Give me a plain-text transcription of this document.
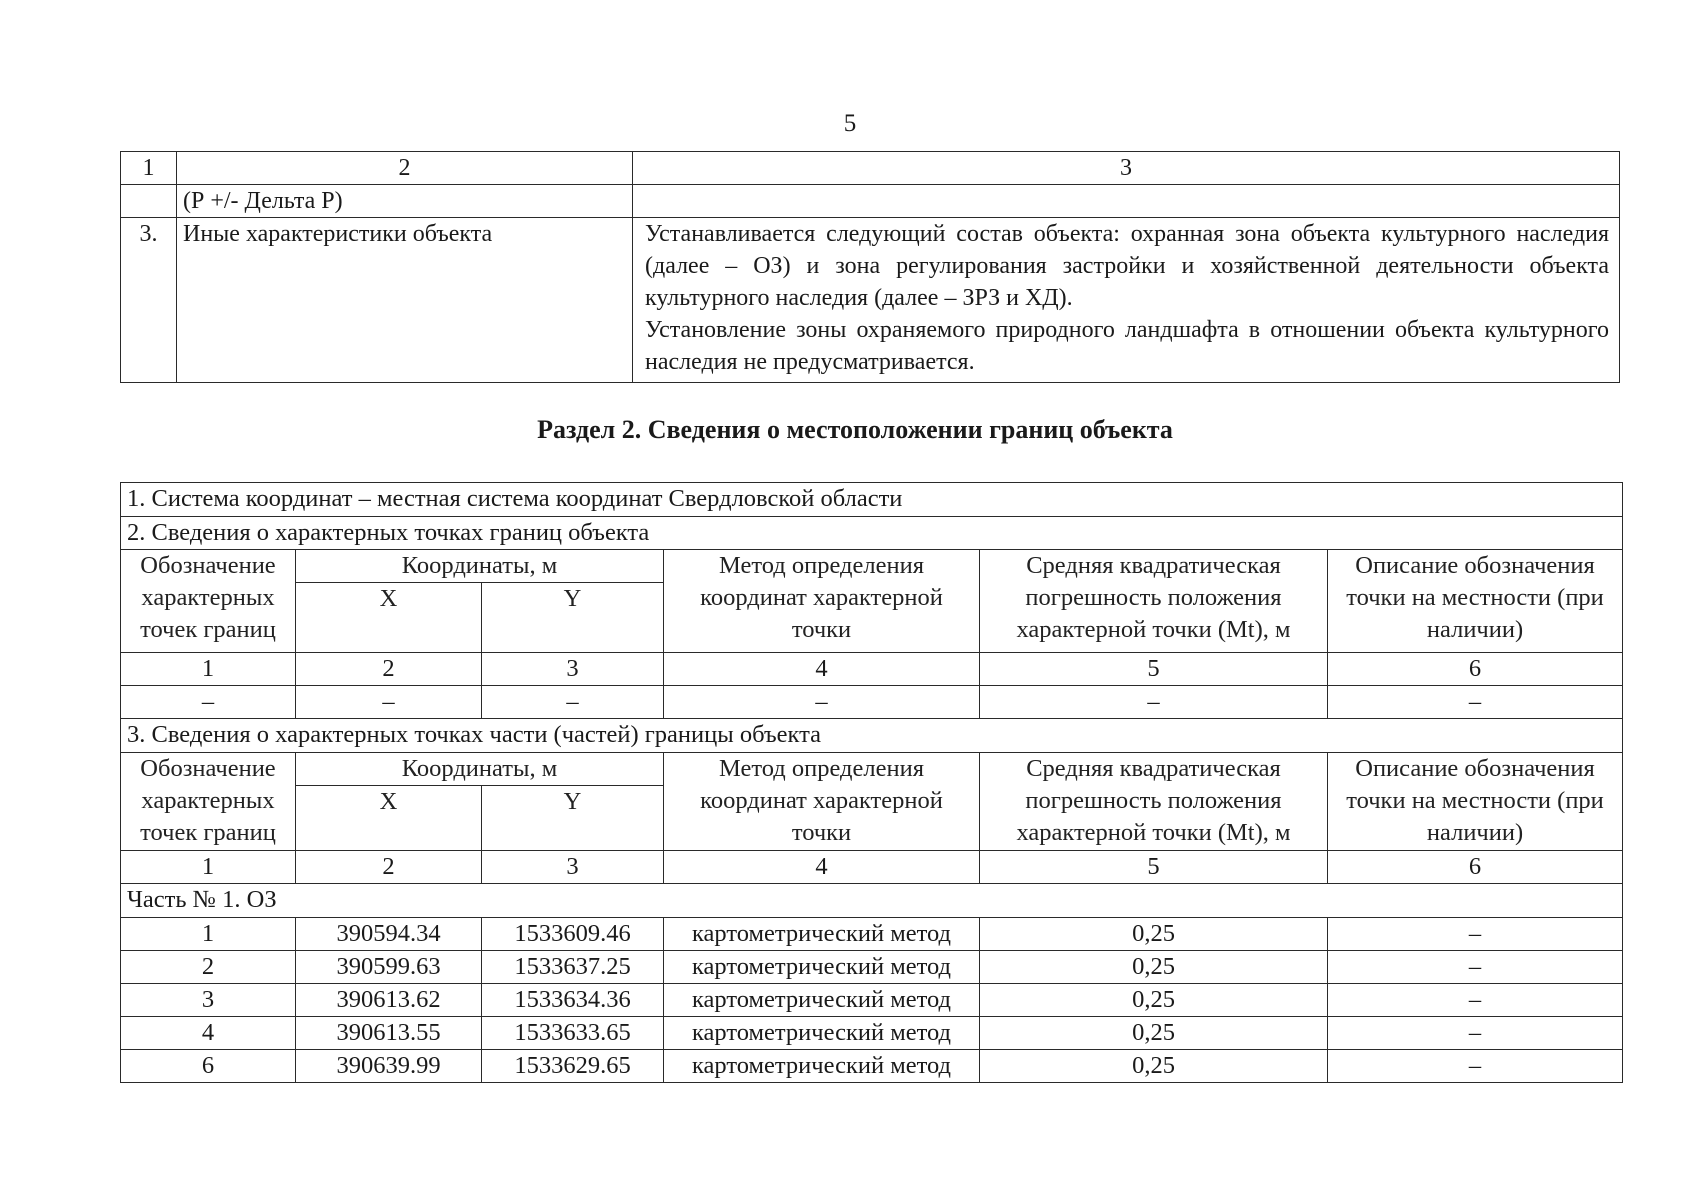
5
1	2	3
	(Р +/- Дельта Р)	
3.	Иные характеристики объекта	Устанавливается следующий состав объекта: охранная зона объекта культурного наследия (далее – ОЗ) и зона регулирования застройки и хозяйственной деятельности объекта культурного наследия (далее – ЗРЗ и ХД).
Установление зоны охраняемого природного ландшафта в отношении объекта культурного наследия не предусматривается.
Раздел 2. Сведения о местоположении границ объекта
1. Система координат – местная система координат Свердловской области					
2. Сведения о характерных точках границ объекта					
Обозначение характерных точек границ	Координаты, м		Метод определения координат характерной точки	Средняя квадратическая погрешность положения характерной точки (Mt), м	Описание обозначения точки на местности (при наличии)
	X	Y			
1	2	3	4	5	6
–	–	–	–	–	–
3. Сведения о характерных точках части (частей) границы объекта					
Обозначение характерных точек границ	Координаты, м		Метод определения координат характерной точки	Средняя квадратическая погрешность положения характерной точки (Mt), м	Описание обозначения точки на местности (при наличии)
	X	Y			
1	2	3	4	5	6
Часть № 1. ОЗ					
1	390594.34	1533609.46	картометрический метод	0,25	–
2	390599.63	1533637.25	картометрический метод	0,25	–
3	390613.62	1533634.36	картометрический метод	0,25	–
4	390613.55	1533633.65	картометрический метод	0,25	–
6	390639.99	1533629.65	картометрический метод	0,25	–
